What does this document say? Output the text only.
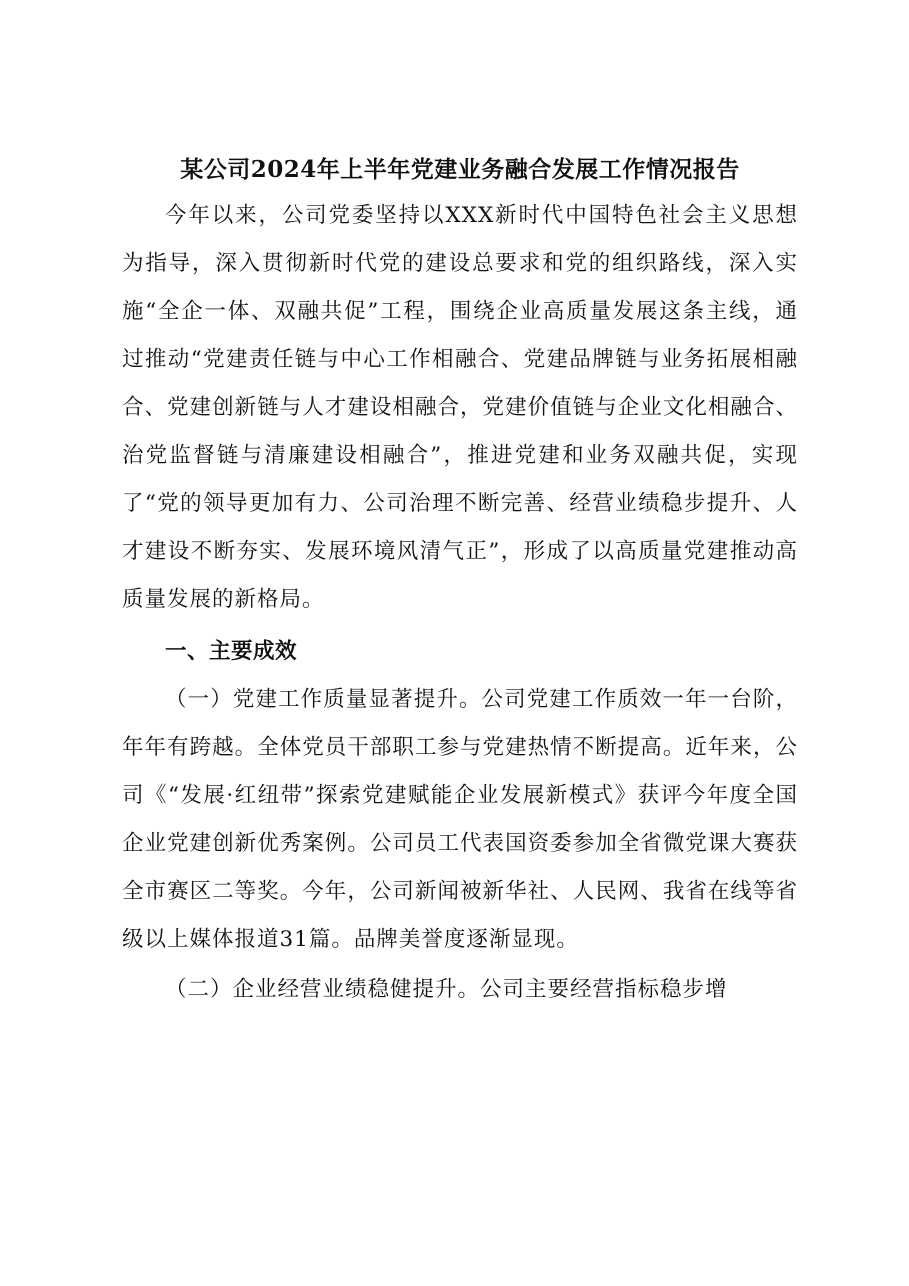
某公司2024年上半年党建业务融合发展工作情况报告

今年以来，公司党委坚持以XXX新时代中国特色社会主义思想为指导，深入贯彻新时代党的建设总要求和党的组织路线，深入实施“全企一体、双融共促”工程，围绕企业高质量发展这条主线，通过推动“党建责任链与中心工作相融合、党建品牌链与业务拓展相融合、党建创新链与人才建设相融合，党建价值链与企业文化相融合、治党监督链与清廉建设相融合”，推进党建和业务双融共促，实现了“党的领导更加有力、公司治理不断完善、经营业绩稳步提升、人才建设不断夯实、发展环境风清气正”，形成了以高质量党建推动高质量发展的新格局。

一、主要成效

（一）党建工作质量显著提升。公司党建工作质效一年一台阶，年年有跨越。全体党员干部职工参与党建热情不断提高。近年来，公司《“发展·红纽带”探索党建赋能企业发展新模式》获评今年度全国企业党建创新优秀案例。公司员工代表国资委参加全省微党课大赛获全市赛区二等奖。今年，公司新闻被新华社、人民网、我省在线等省级以上媒体报道31篇。品牌美誉度逐渐显现。

（二）企业经营业绩稳健提升。公司主要经营指标稳步增
